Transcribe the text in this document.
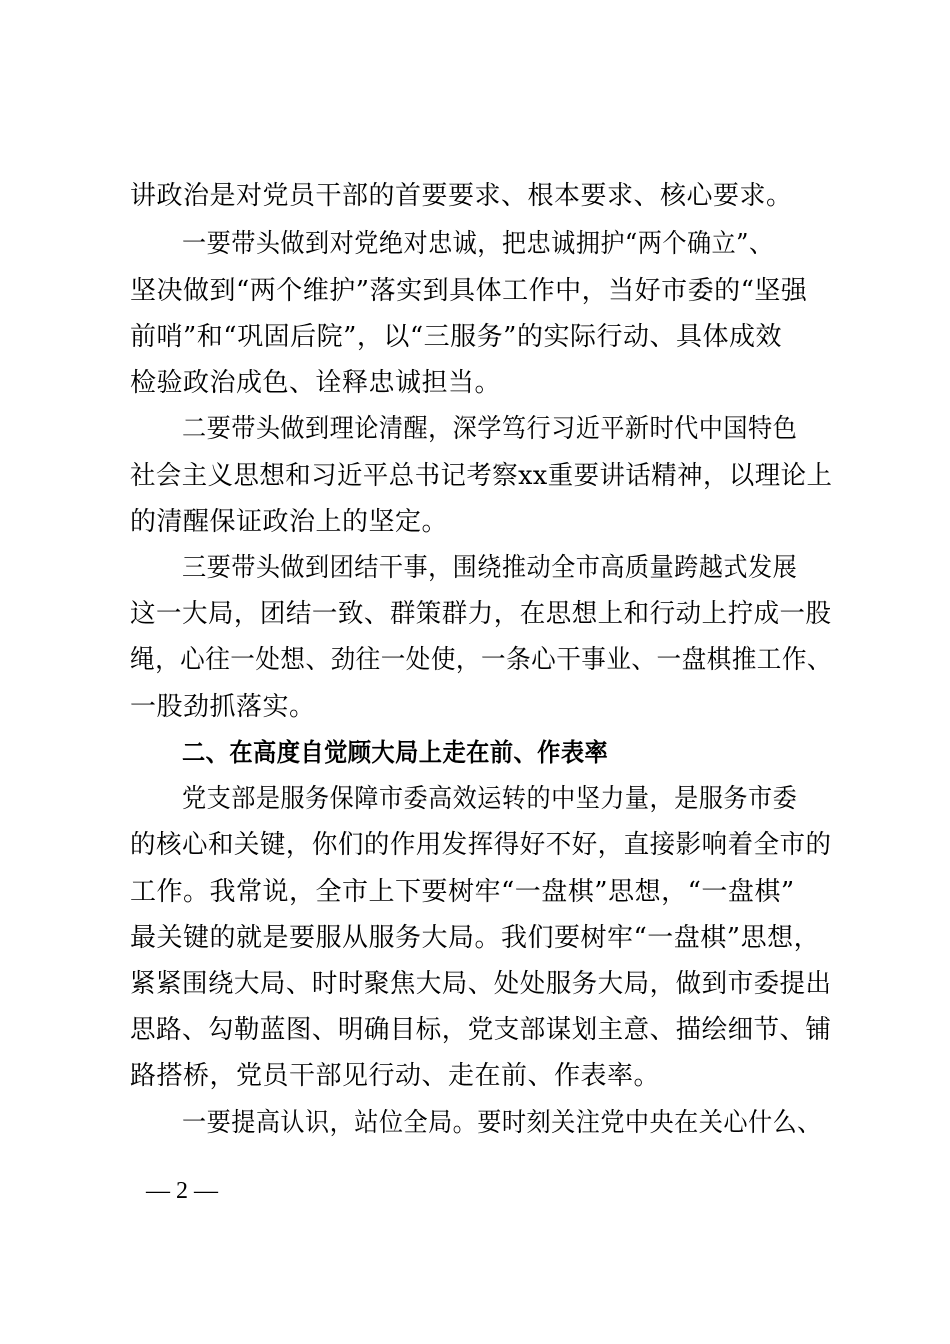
讲政治是对党员干部的首要要求、根本要求、核心要求。
一要带头做到对党绝对忠诚，把忠诚拥护“两个确立”、
坚决做到“两个维护”落实到具体工作中，当好市委的“坚强
前哨”和“巩固后院”，以“三服务”的实际行动、具体成效
检验政治成色、诠释忠诚担当。
二要带头做到理论清醒，深学笃行习近平新时代中国特色
社会主义思想和习近平总书记考察xx重要讲话精神，以理论上
的清醒保证政治上的坚定。
三要带头做到团结干事，围绕推动全市高质量跨越式发展
这一大局，团结一致、群策群力，在思想上和行动上拧成一股
绳，心往一处想、劲往一处使，一条心干事业、一盘棋推工作、
一股劲抓落实。
二、在高度自觉顾大局上走在前、作表率
党支部是服务保障市委高效运转的中坚力量，是服务市委
的核心和关键，你们的作用发挥得好不好，直接影响着全市的
工作。我常说，全市上下要树牢“一盘棋”思想，“一盘棋”
最关键的就是要服从服务大局。我们要树牢“一盘棋”思想，
紧紧围绕大局、时时聚焦大局、处处服务大局，做到市委提出
思路、勾勒蓝图、明确目标，党支部谋划主意、描绘细节、铺
路搭桥，党员干部见行动、走在前、作表率。
一要提高认识，站位全局。要时刻关注党中央在关心什么、
— 2 —
